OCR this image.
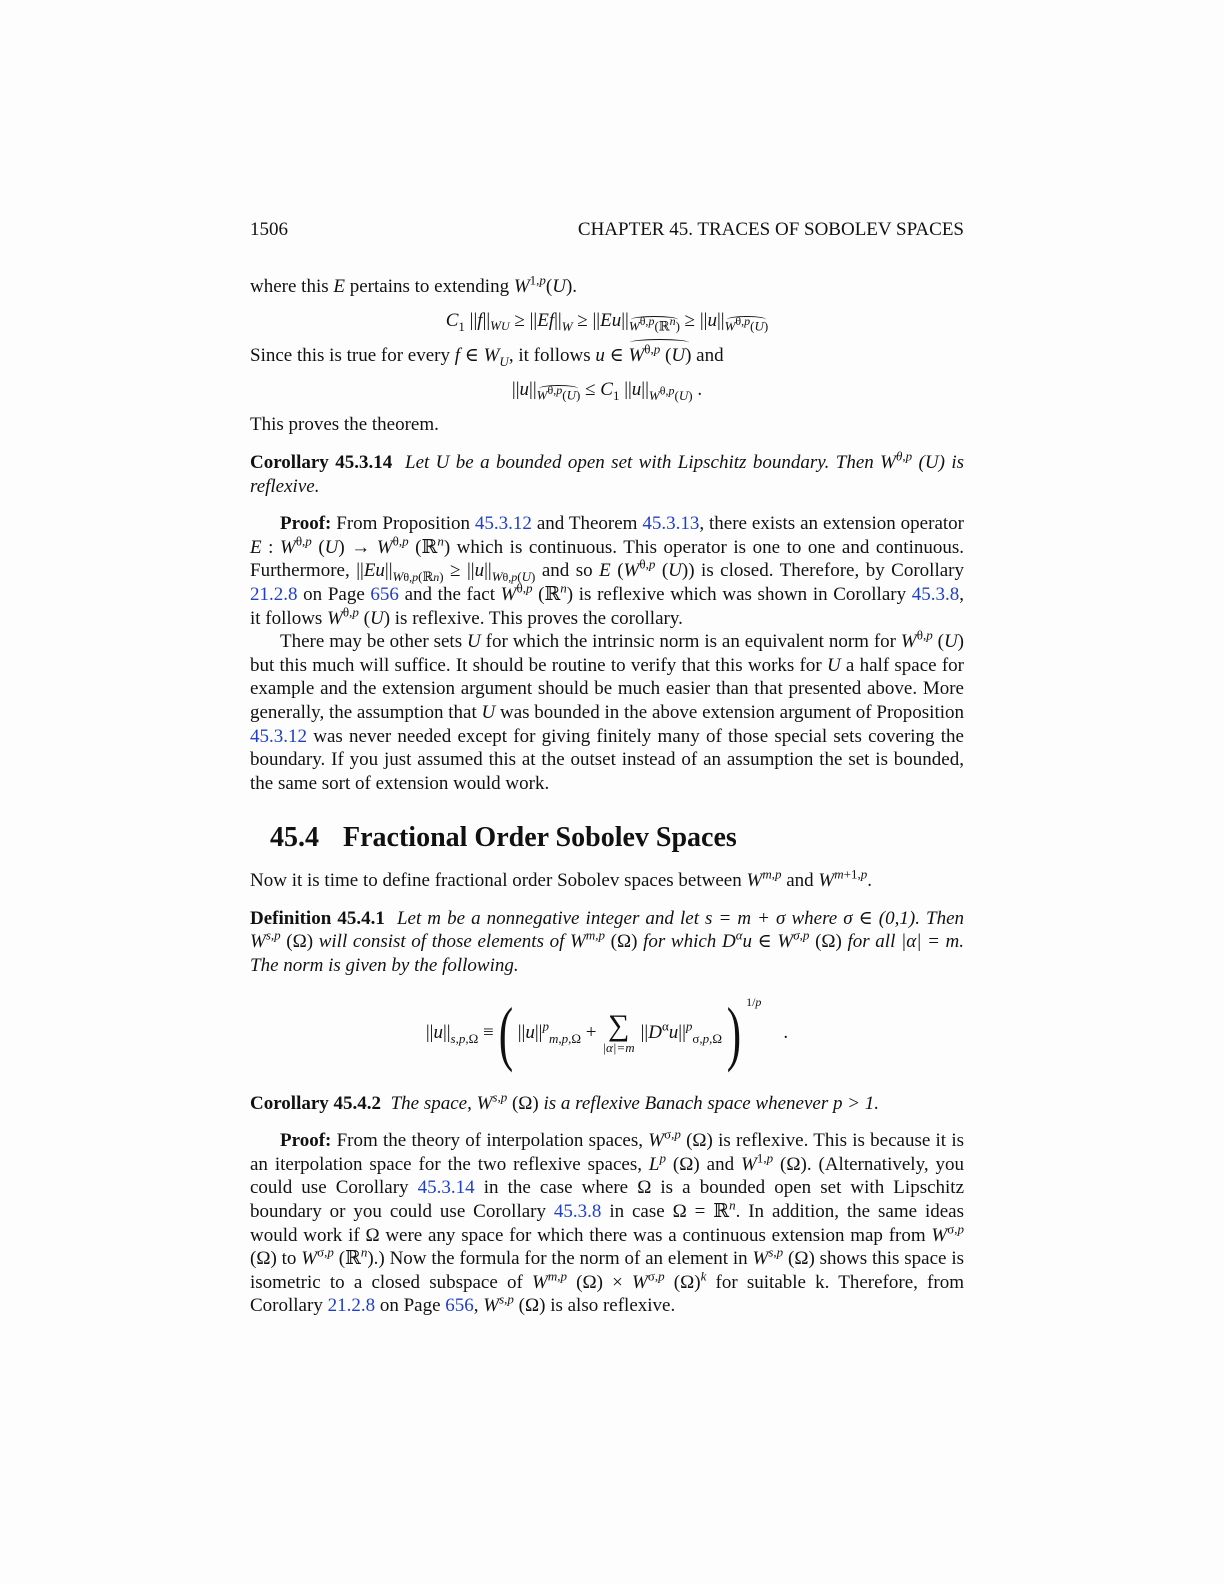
1506	CHAPTER 45. TRACES OF SOBOLEV SPACES

where this E pertains to extending W$^{1,p}$(U).

$C_1$ $||f||_{WU} \ge ||Ef||_W \ge ||Eu||_{W^{\theta,p}(ℝ^n)} \ge ||u||_{W^{\theta,p}(U)}$

Since this is true for every f ∈ $W_U$, it follows u ∈ $W^{\theta,p}$ (U) and

$||u||_{W^{\theta,p}(U)} \le C_1$ $||u||_{W^{\theta,p}(U)}$ .

This proves the theorem.

Corollary 45.3.14 Let U be a bounded open set with Lipschitz boundary. Then $W^{\theta,p}$ (U) is reflexive.

Proof: From Proposition 45.3.12 and Theorem 45.3.13, there exists an extension operator E : $W^{\theta,p}$ $(U) \to W^{\theta,p}$ (ℝ$^n$) which is continuous. This operator is one to one and continuous. Furthermore, $||Eu||_{W\theta,p(ℝn)} \ge ||u||_{W\theta,p(U)}$ and so E ($W^{\theta,p}$ (U)) is closed. Therefore, by Corollary 21.2.8 on Page 656 and the fact $W^{\theta,p}$ (ℝ$^n$) is reflexive which was shown in Corollary 45.3.8, it follows $W^{\theta,p}$ (U) is reflexive. This proves the corollary.

There may be other sets U for which the intrinsic norm is an equivalent norm for $W^{\theta,p}$ (U) but this much will suffice. It should be routine to verify that this works for U a half space for example and the extension argument should be much easier than that presented above. More generally, the assumption that U was bounded in the above extension argument of Proposition 45.3.12 was never needed except for giving finitely many of those special sets covering the boundary. If you just assumed this at the outset instead of an assumption the set is bounded, the same sort of extension would work.

45.4 Fractional Order Sobolev Spaces

Now it is time to define fractional order Sobolev spaces between W$^{m,p}$ and $W^{m+1,p}$.

Definition 45.4.1 Let m be a nonnegative integer and let s = m + σ where σ ∈ (0,1). Then W$^{s,p}$ (Ω) will consist of those elements of W$^{m,p}$ (Ω) for which $D^\alpha u$ ∈ $W^{\sigma,p}$ (Ω) for all |α| = m. The norm is given by the following.

$||u||_{s,p,\Omega}$ ≡ ( $||u||^p_{m,p,\Omega}$ + ∑
|α|=m
$||D^\alpha u||^p_{\sigma,p,\Omega}$ ) 1/p
.

Corollary 45.4.2 The space, W$^{s,p}$ (Ω) is a reflexive Banach space whenever p > 1.

Proof: From the theory of interpolation spaces, $W^{\sigma,p}$ (Ω) is reflexive. This is because it is an iterpolation space for the two reflexive spaces, $L^p$ (Ω) and W$^{1,p}$ (Ω). (Alternatively, you could use Corollary 45.3.14 in the case where Ω is a bounded open set with Lipschitz boundary or you could use Corollary 45.3.8 in case Ω = ℝ$^n$. In addition, the same ideas would work if Ω were any space for which there was a continuous extension map from $W^{\sigma,p}$ (Ω) to $W^{\sigma,p}$ (ℝ$^n$).) Now the formula for the norm of an element in W$^{s,p}$ (Ω) shows this space is isometric to a closed subspace of W$^{m,p}$ $(\Omega) \times W^{\sigma,p}$ $(\Omega)^k$ for suitable k. Therefore, from Corollary 21.2.8 on Page 656, W$^{s,p}$ (Ω) is also reflexive.
